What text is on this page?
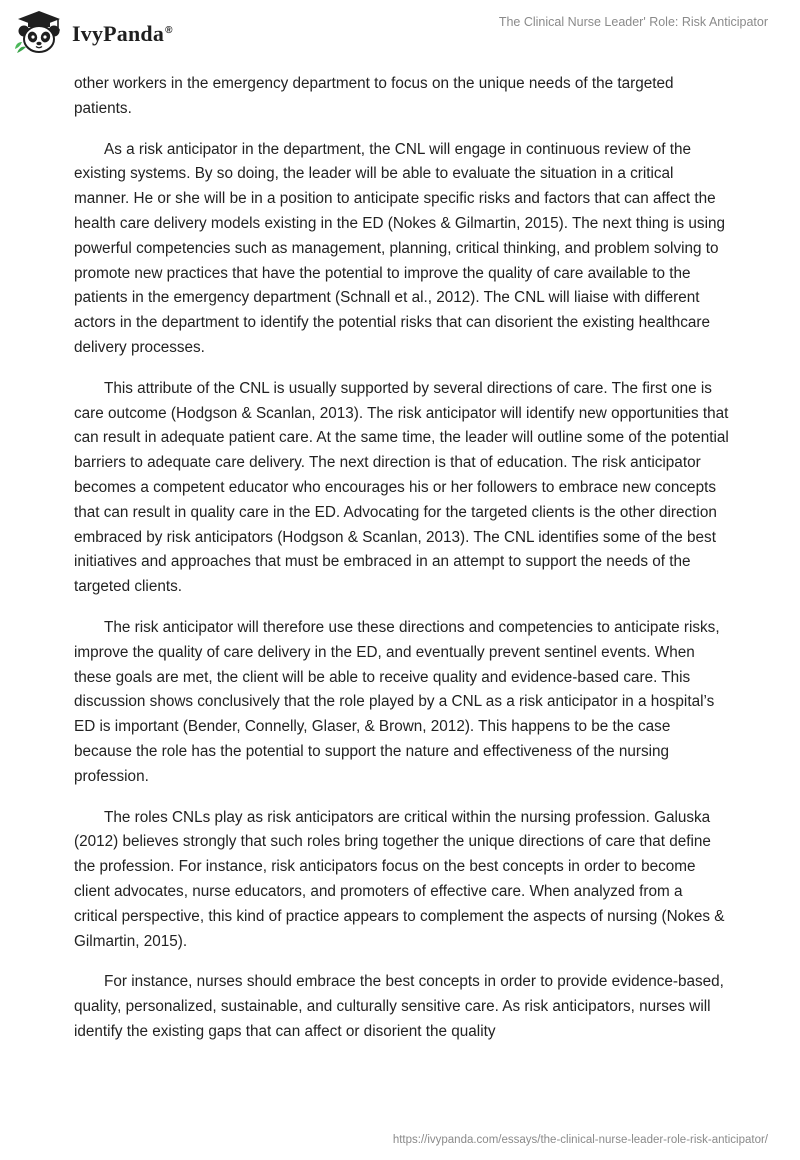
IvyPanda®
The Clinical Nurse Leader' Role: Risk Anticipator

other workers in the emergency department to focus on the unique needs of the targeted patients.

As a risk anticipator in the department, the CNL will engage in continuous review of the existing systems. By so doing, the leader will be able to evaluate the situation in a critical manner. He or she will be in a position to anticipate specific risks and factors that can affect the health care delivery models existing in the ED (Nokes & Gilmartin, 2015). The next thing is using powerful competencies such as management, planning, critical thinking, and problem solving to promote new practices that have the potential to improve the quality of care available to the patients in the emergency department (Schnall et al., 2012). The CNL will liaise with different actors in the department to identify the potential risks that can disorient the existing healthcare delivery processes.

This attribute of the CNL is usually supported by several directions of care. The first one is care outcome (Hodgson & Scanlan, 2013). The risk anticipator will identify new opportunities that can result in adequate patient care. At the same time, the leader will outline some of the potential barriers to adequate care delivery. The next direction is that of education. The risk anticipator becomes a competent educator who encourages his or her followers to embrace new concepts that can result in quality care in the ED. Advocating for the targeted clients is the other direction embraced by risk anticipators (Hodgson & Scanlan, 2013). The CNL identifies some of the best initiatives and approaches that must be embraced in an attempt to support the needs of the targeted clients.

The risk anticipator will therefore use these directions and competencies to anticipate risks, improve the quality of care delivery in the ED, and eventually prevent sentinel events. When these goals are met, the client will be able to receive quality and evidence-based care. This discussion shows conclusively that the role played by a CNL as a risk anticipator in a hospital’s ED is important (Bender, Connelly, Glaser, & Brown, 2012). This happens to be the case because the role has the potential to support the nature and effectiveness of the nursing profession.

The roles CNLs play as risk anticipators are critical within the nursing profession. Galuska (2012) believes strongly that such roles bring together the unique directions of care that define the profession. For instance, risk anticipators focus on the best concepts in order to become client advocates, nurse educators, and promoters of effective care. When analyzed from a critical perspective, this kind of practice appears to complement the aspects of nursing (Nokes & Gilmartin, 2015).

For instance, nurses should embrace the best concepts in order to provide evidence-based, quality, personalized, sustainable, and culturally sensitive care. As risk anticipators, nurses will identify the existing gaps that can affect or disorient the quality

https://ivypanda.com/essays/the-clinical-nurse-leader-role-risk-anticipator/
